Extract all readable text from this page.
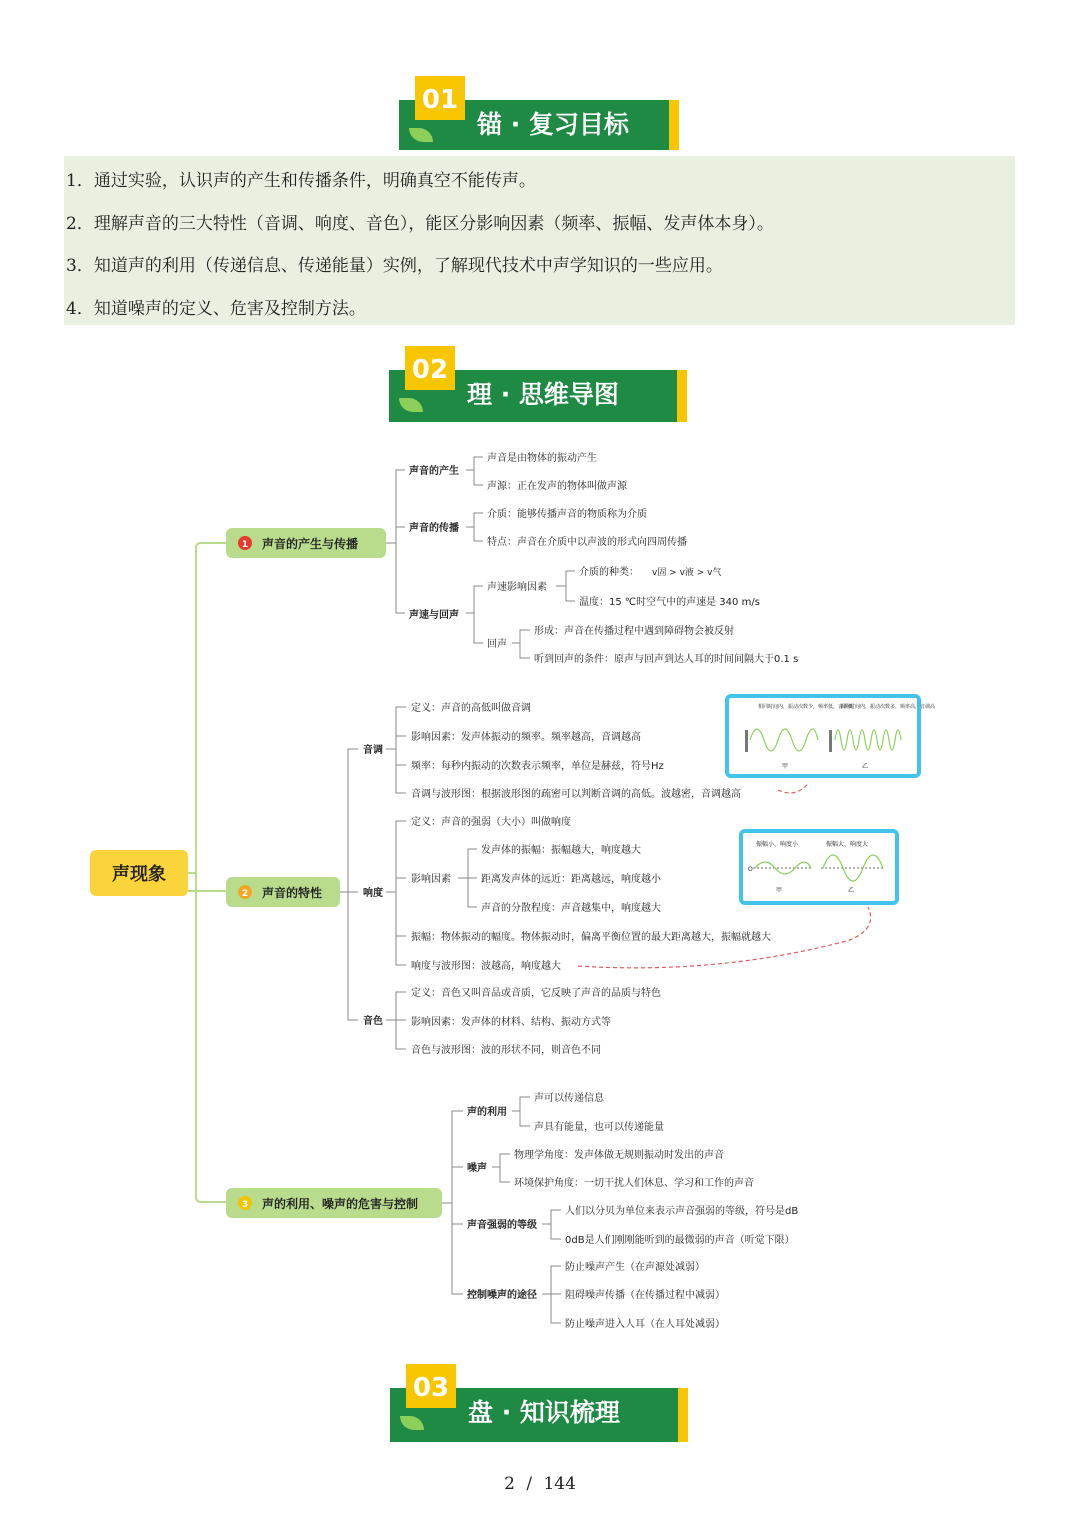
锚 · 复习目标
01

1．通过实验，认识声的产生和传播条件，明确真空不能传声。

2．理解声音的三大特性（音调、响度、音色），能区分影响因素（频率、振幅、发声体本身）。

3．知道声的利用（传递信息、传递能量）实例，了解现代技术中声学知识的一些应用。

4．知道噪声的定义、危害及控制方法。

理 · 思维导图
02
声现象
1 声音的产生与传播
2 声音的特性
3 声的利用、噪声的危害与控制
声音的产生
声音是由物体的振动产生
声源：正在发声的物体叫做声源
声音的传播
介质：能够传播声音的物质称为介质
特点：声音在介质中以声波的形式向四周传播
声速与回声
声速影响因素
介质的种类： v固 > v液 > v气
温度：15 ℃时空气中的声速是 340 m/s
回声
形成：声音在传播过程中遇到障碍物会被反射
听到回声的条件：原声与回声到达人耳的时间间隔大于0.1 s
音调
定义：声音的高低叫做音调
影响因素：发声体振动的频率。频率越高，音调越高
频率：每秒内振动的次数表示频率，单位是赫兹，符号Hz
音调与波形图：根据波形图的疏密可以判断音调的高低。波越密，音调越高
响度
定义：声音的强弱（大小）叫做响度
影响因素
发声体的振幅：振幅越大，响度越大
距离发声体的远近：距离越远，响度越小
声音的分散程度：声音越集中，响度越大
振幅：物体振动的幅度。物体振动时，偏离平衡位置的最大距离越大，振幅就越大
响度与波形图：波越高，响度越大
音色
定义：音色又叫音品或音质，它反映了声音的品质与特色
影响因素：发声体的材料、结构、振动方式等
音色与波形图：波的形状不同，则音色不同
相同时间内，振动次数少，频率低，音调低
相同时间内，振动次数多，频率高，音调高
甲	乙
振幅小，响度小	振幅大，响度大
O
甲	乙
声的利用
声可以传递信息
声具有能量，也可以传递能量
噪声
物理学角度：发声体做无规则振动时发出的声音
环境保护角度：一切干扰人们休息、学习和工作的声音
声音强弱的等级
人们以分贝为单位来表示声音强弱的等级，符号是dB
0dB是人们刚刚能听到的最微弱的声音（听觉下限）
控制噪声的途径
防止噪声产生（在声源处减弱）
阻碍噪声传播（在传播过程中减弱）
防止噪声进入人耳（在人耳处减弱）
盘 · 知识梳理
03
2 / 144
